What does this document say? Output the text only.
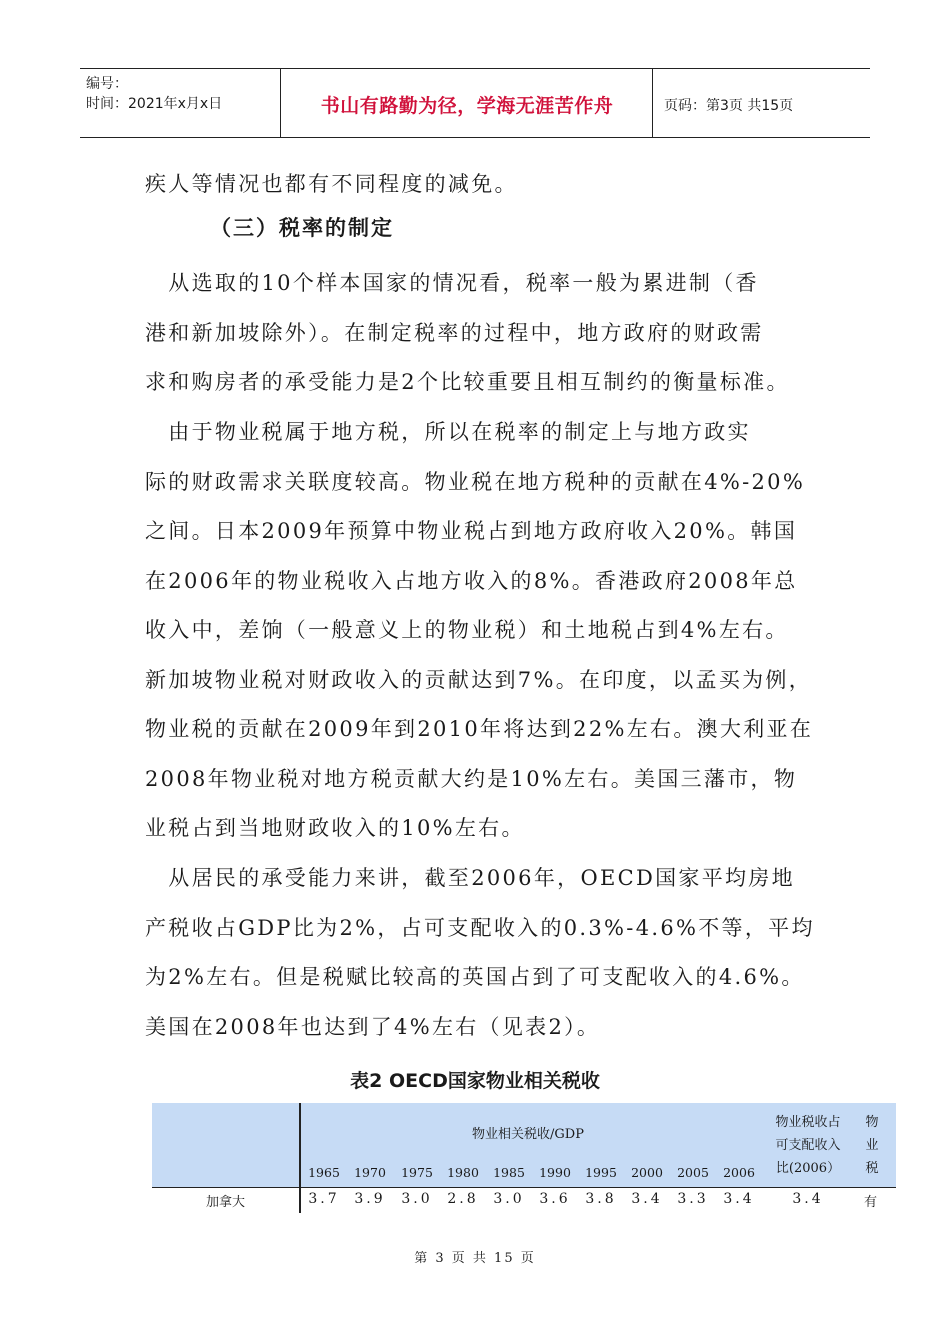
编号：
时间：2021年x月x日	书山有路勤为径，学海无涯苦作舟	页码：第3页 共15页
疾人等情况也都有不同程度的减免。
（三）税率的制定
　从选取的10个样本国家的情况看，税率一般为累进制（香
港和新加坡除外）。在制定税率的过程中，地方政府的财政需
求和购房者的承受能力是2个比较重要且相互制约的衡量标准。
　由于物业税属于地方税，所以在税率的制定上与地方政实
际的财政需求关联度较高。物业税在地方税种的贡献在4%-20%
之间。日本2009年预算中物业税占到地方政府收入20%。韩国
在2006年的物业税收入占地方收入的8%。香港政府2008年总
收入中，差饷（一般意义上的物业税）和土地税占到4%左右。
新加坡物业税对财政收入的贡献达到7%。在印度，以孟买为例，
物业税的贡献在2009年到2010年将达到22%左右。澳大利亚在
2008年物业税对地方税贡献大约是10%左右。美国三藩市，物
业税占到当地财政收入的10%左右。
　从居民的承受能力来讲，截至2006年，OECD国家平均房地
产税收占GDP比为2%，占可支配收入的0.3%-4.6%不等，平均
为2%左右。但是税赋比较高的英国占到了可支配收入的4.6%。
美国在2008年也达到了4%左右（见表2）。
表2 OECD国家物业相关税收
物业相关税收/GDP
1965	1970	1975	1980	1985	1990	1995	2000	2005	2006
物业税收占
可支配收入
比(2006）
物
业
税
加拿大	3.7	3.9	3.0	2.8	3.0	3.6	3.8	3.4	3.3	3.4	3.4	有
第 3 页 共 15 页
